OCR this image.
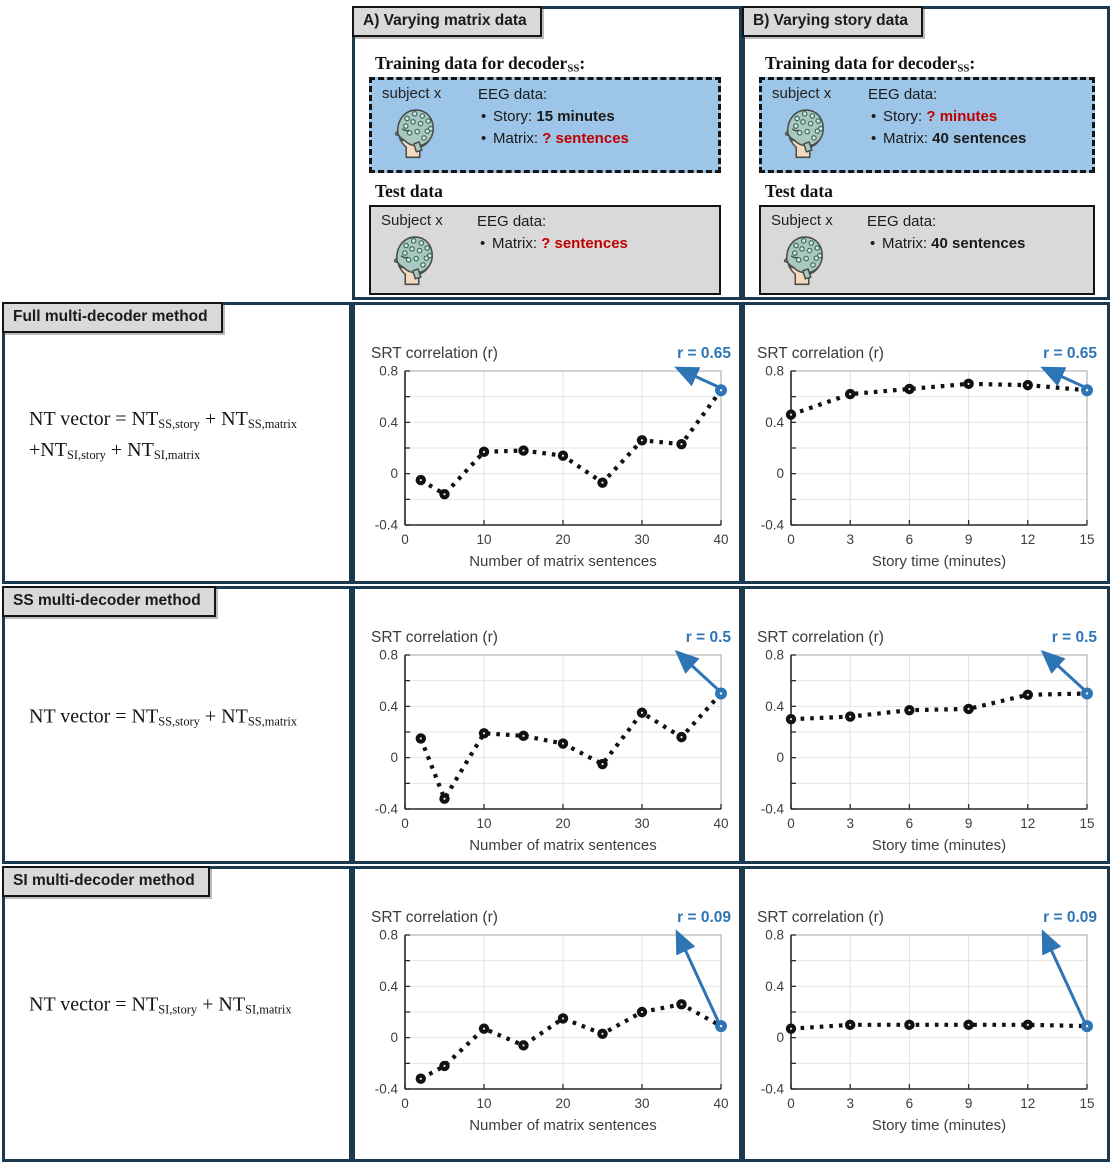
A) Varying matrix data
Training data for decoderSS:
subject x EEG data:
• Story: 15 minutes
• Matrix: ? sentences
Test data
Subject x EEG data:
• Matrix: ? sentences
B) Varying story data
Training data for decoderSS:
subject x EEG data:
• Story: ? minutes
• Matrix: 40 sentences
Test data
Subject x EEG data:
• Matrix: 40 sentences
Full multi-decoder method
NT vector = NTSS,story + NTSS,matrix
+NTSI,story + NTSI,matrix
SS multi-decoder method
NT vector = NTSS,story + NTSS,matrix
SI multi-decoder method
NT vector = NTSI,story + NTSI,matrix
0.8
0.4
0
-0.4
0	10	20	30	40
Number of matrix sentences
SRT correlation (r)	r = 0.65
0.8
0.4
0
-0.4
0	3	6	9	12	15
Story time (minutes)
SRT correlation (r)	r = 0.65
0.8
0.4
0
-0.4
0	10	20	30	40
Number of matrix sentences
SRT correlation (r)	r = 0.5
0.8
0.4
0
-0.4
0	3	6	9	12	15
Story time (minutes)
SRT correlation (r)	r = 0.5
0.8
0.4
0
-0.4
0	10	20	30	40
Number of matrix sentences
SRT correlation (r)	r = 0.09
0.8
0.4
0
-0.4
0	3	6	9	12	15
Story time (minutes)
SRT correlation (r)	r = 0.09
